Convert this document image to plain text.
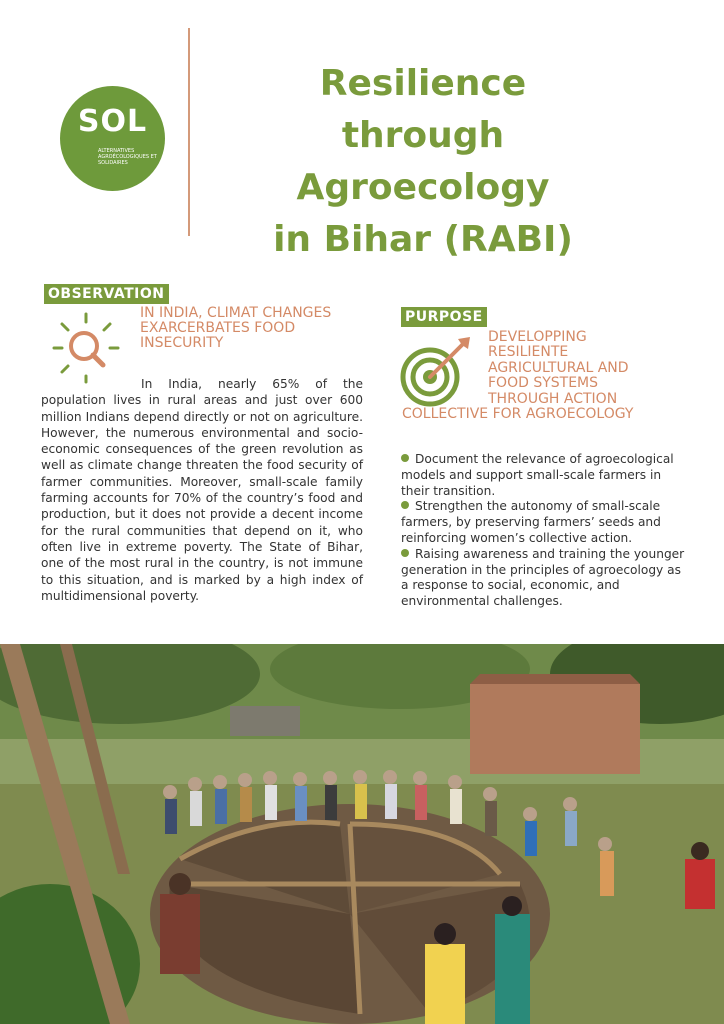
SOL
ALTERNATIVES AGROÉCOLOGIQUES ET SOLIDAIRES
Resilience
through
Agroecology
in Bihar (RABI)
OBSERVATION
IN INDIA, CLIMAT CHANGES EXARCERBATES FOOD INSECURITY
In India, nearly 65% of the population lives in rural areas and just over 600 million Indians depend directly or not on agriculture. However, the numerous environmental and socio-economic consequences of the green revolution as well as climate change threaten the food security of farmer communities. Moreover, small-scale family farming accounts for 70% of the country’s food and production, but it does not provide a decent income for the rural communities that depend on it, who often live in extreme poverty. The State of Bihar, one of the most rural in the country, is not immune to this situation, and is marked by a high index of multidimensional poverty.
PURPOSE
DEVELOPPING
RESILIENTE
AGRICULTURAL AND
FOOD SYSTEMS
THROUGH ACTION
COLLECTIVE FOR AGROECOLOGY
Document the relevance of agroecological models and support small-scale farmers in their transition.
Strengthen the autonomy of small-scale farmers, by preserving farmers’ seeds and reinforcing women’s collective action.
Raising awareness and training the younger generation in the principles of agroecology as a response to social, economic, and environmental challenges.
